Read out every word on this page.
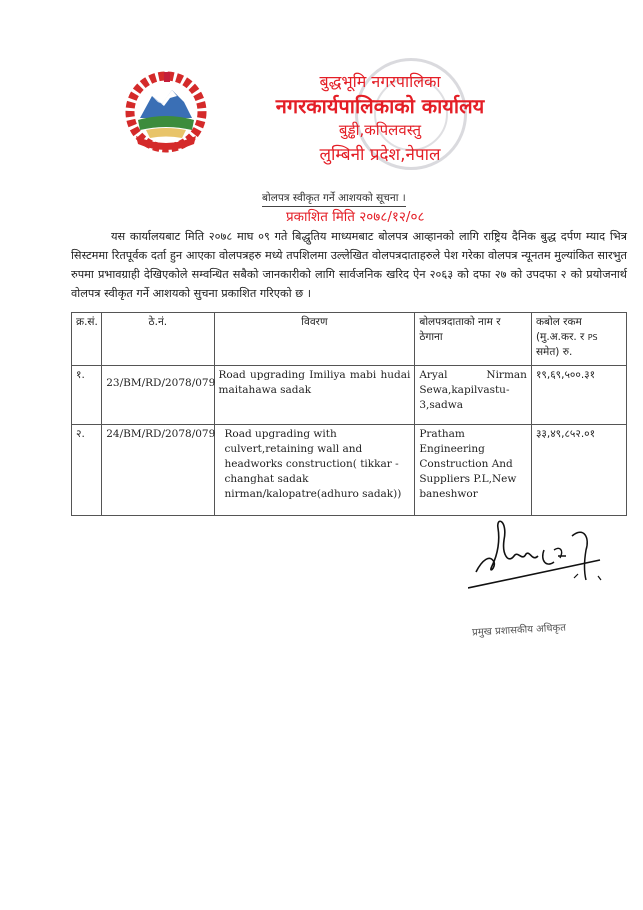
बुद्धभूमि नगरपालिका
नगरकार्यपालिकाको कार्यालय
बुड्ढी,कपिलवस्तु
लुम्बिनी प्रदेश,नेपाल
बोलपत्र स्वीकृत गर्ने आशयको सूचना ।
प्रकाशित मिति २०७८/१२/०८
यस कार्यालयबाट मिति २०७८ माघ ०९ गते बिद्धुतिय माध्यमबाट बोलपत्र आव्हानको लागि राष्ट्रिय दैनिक बुद्ध दर्पण म्याद भित्र सिस्टममा रितपूर्वक दर्ता हुन आएका वोलपत्रहरु मध्ये तपशिलमा उल्लेखित वोलपत्रदाताहरुले पेश गरेका वोलपत्र न्यूनतम मुल्यांकित सारभुत रुपमा प्रभावग्राही देखिएकोले सम्वन्धित सबैको जानकारीको लागि सार्वजनिक खरिद ऐन २०६३ को दफा २७ को उपदफा २ को प्रयोजनार्थ वोलपत्र स्वीकृत गर्ने आशयको सुचना प्रकाशित गरिएको छ ।
क्र.सं.	ठे.नं.	विवरण	बोलपत्रदाताको नाम र ठेगाना	कबोल रकम (मु.अ.कर. र PS समेत) रु.
१.	23/BM/RD/2078/079	Road upgrading Imiliya mabi hudai maitahawa sadak	Aryal Nirman Sewa,kapilvastu-3,sadwa	१९,६९,५००.३१
२.	24/BM/RD/2078/079	Road upgrading with culvert,retaining wall and headworks construction( tikkar - changhat sadak nirman/kalopatre(adhuro sadak))	Pratham Engineering Construction And Suppliers P.L,New baneshwor	३३,४९,८५२.०१
प्रमुख प्रशासकीय अधिकृत
